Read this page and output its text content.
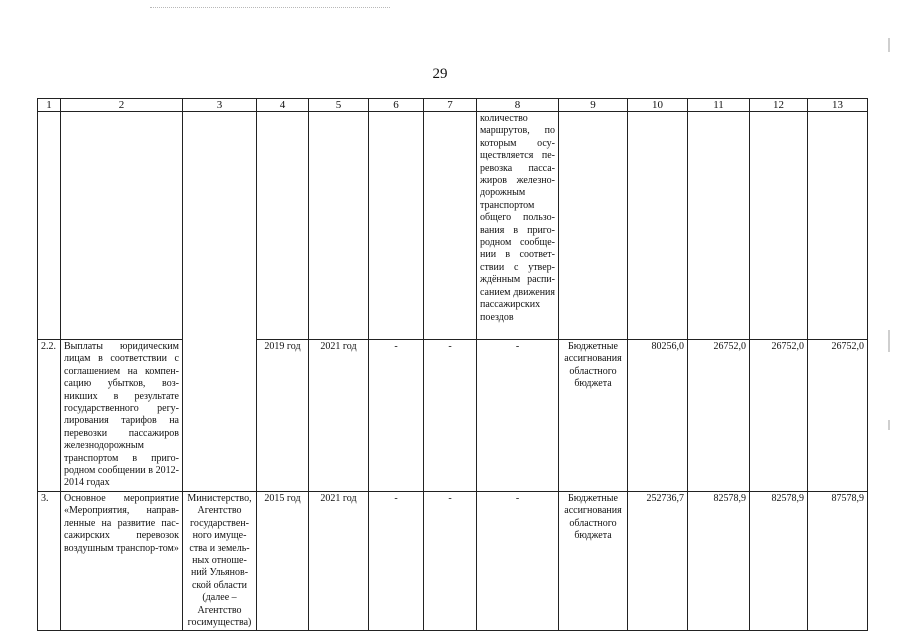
29
1	2	3	4	5	6	7	8	9	10	11	12	13
							количество маршрутов, по которым осу-ществляется пе-ревозка пасса-жиров железно-дорожным транспортом общего пользо-вания в приго-родном сообще-нии в соответ-ствии с утвер-ждённым распи-санием движения пассажирских поездов					
2.2.	Выплаты юридическим лицам в соответствии с соглашением на компен-сацию убытков, воз-никших в результате государственного регу-лирования тарифов на перевозки пассажиров железнодорожным транспортом в приго-родном сообщении в 2012-2014 годах		2019 год	2021 год	-	-	-	Бюджетные ассигнования областного бюджета	80256,0	26752,0	26752,0	26752,0
3.	Основное мероприятие «Мероприятия, направ-ленные на развитие пас-сажирских перевозок воздушным транспор-том»	Министерство, Агентство государствен-ного имуще-ства и земель-ных отноше-ний Ульянов-ской области (далее – Агентство госимущества)	2015 год	2021 год	-	-	-	Бюджетные ассигнования областного бюджета	252736,7	82578,9	82578,9	87578,9
